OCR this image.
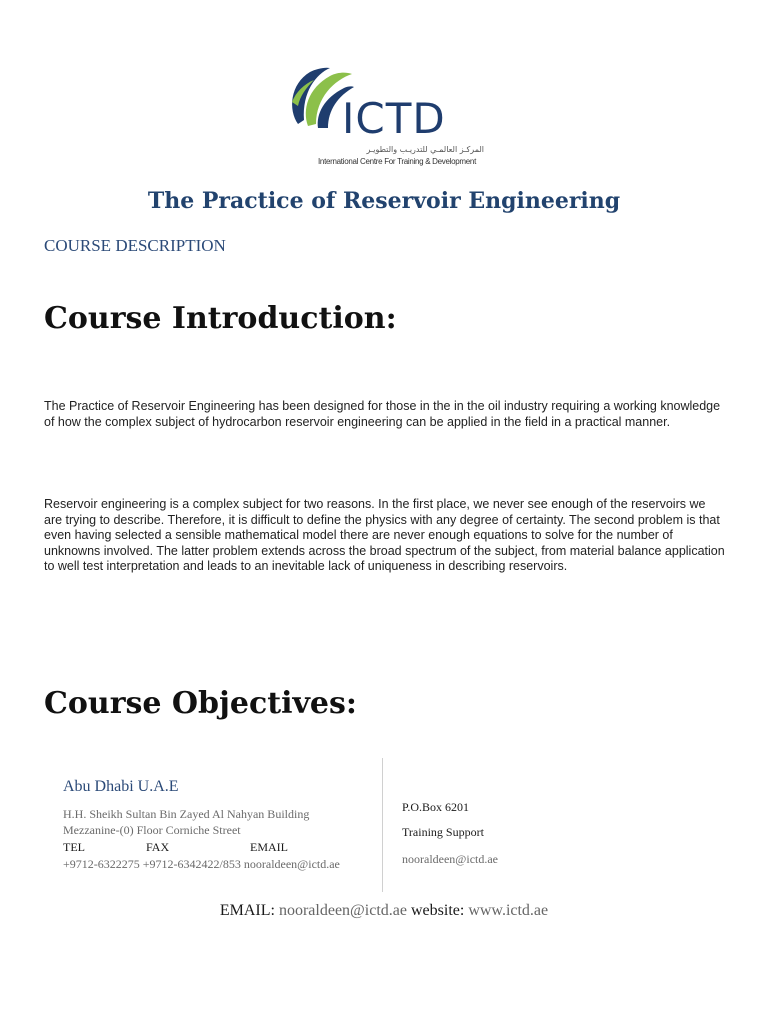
ICTD
المركـز العالمـي للتدريـب والتطويـر
International Centre For Training & Development
The Practice of Reservoir Engineering
COURSE DESCRIPTION
Course Introduction:

The Practice of Reservoir Engineering has been designed for those in the in the oil industry requiring a working knowledge of how the complex subject of hydrocarbon reservoir engineering can be applied in the field in a practical manner.

Reservoir engineering is a complex subject for two reasons. In the first place, we never see enough of the reservoirs we are trying to describe. Therefore, it is difficult to define the physics with any degree of certainty. The second problem is that even having selected a sensible mathematical model there are never enough equations to solve for the number of unknowns involved. The latter problem extends across the broad spectrum of the subject, from material balance application to well test interpretation and leads to an inevitable lack of uniqueness in describing reservoirs.

Course Objectives:
Abu Dhabi U.A.E
H.H. Sheikh Sultan Bin Zayed Al Nahyan Building
Mezzanine-(0) Floor Corniche Street
TEL	FAX	EMAIL
+9712-6322275 +9712-6342422/853 nooraldeen@ictd.ae
P.O.Box 6201
Training Support
nooraldeen@ictd.ae
EMAIL: nooraldeen@ictd.ae website: www.ictd.ae
